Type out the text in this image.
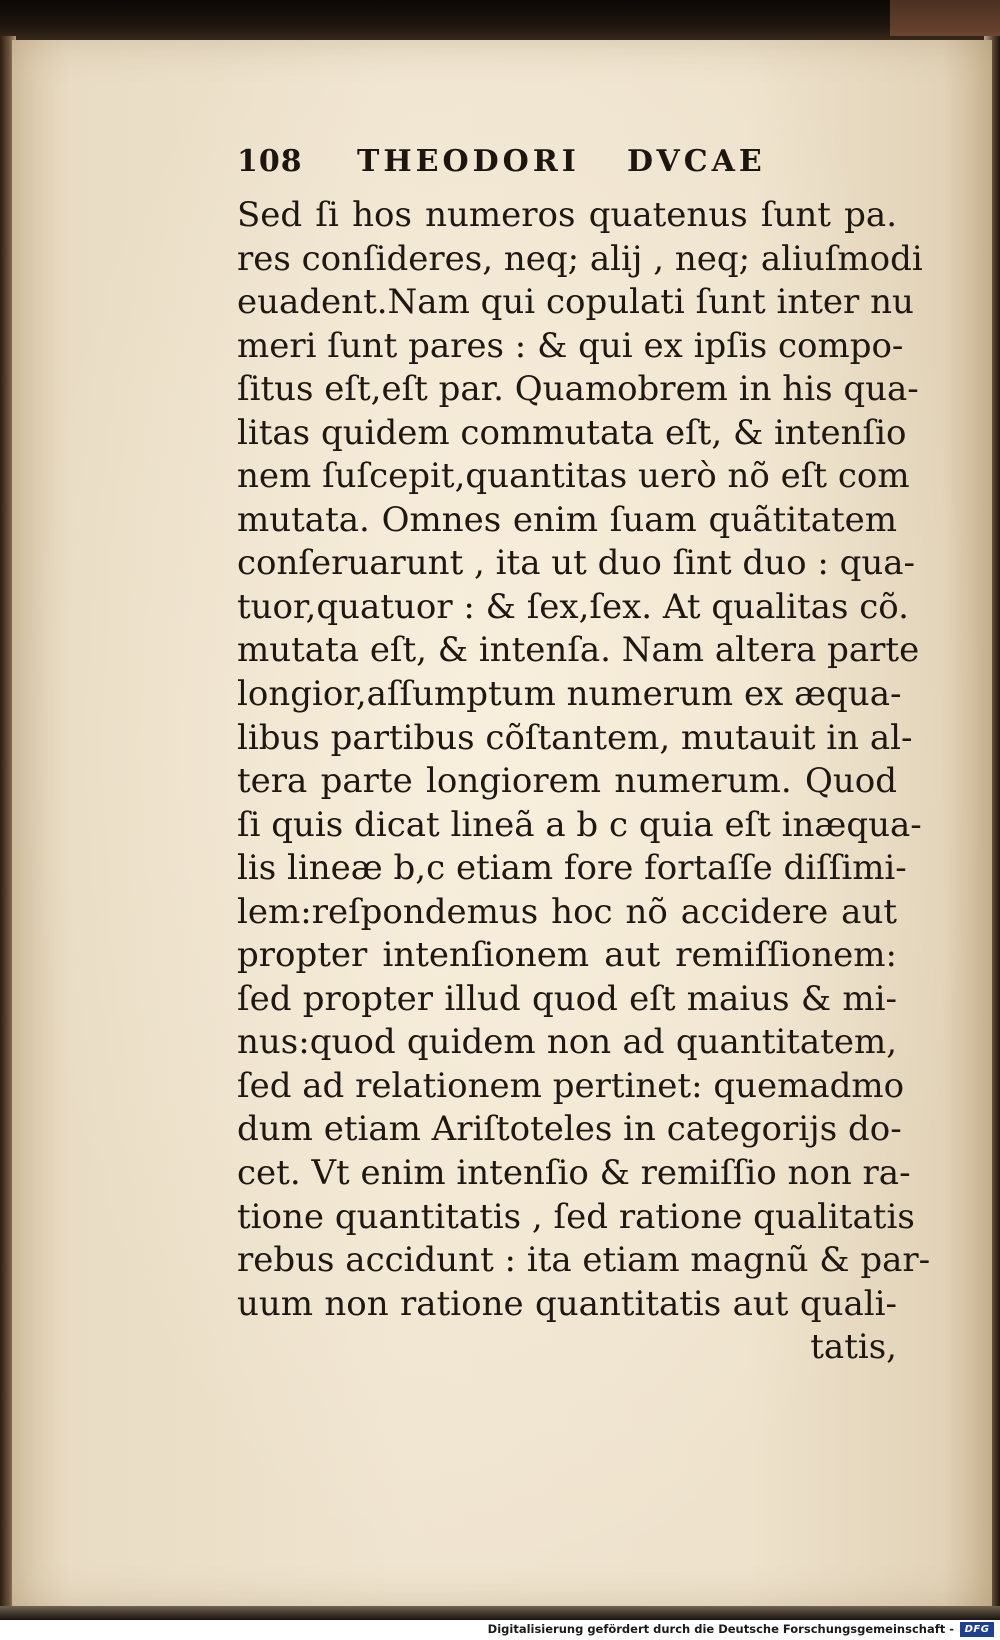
108	THEODORI	DVCAE
Sed ſi hos numeros quatenus ſunt pa.
res conſideres, neq; alij , neq; aliuſmodi
euadent.Nam qui copulati ſunt inter nu
meri ſunt pares : & qui ex ipſis compo-
ſitus eſt,eſt par. Quamobrem in his qua-
litas quidem commutata eſt, & intenſio
nem ſuſcepit,quantitas uerò nõ eſt com
mutata. Omnes enim ſuam quãtitatem
conſeruarunt , ita ut duo ſint duo : qua-
tuor,quatuor : & ſex,ſex. At qualitas cõ.
mutata eſt, & intenſa. Nam altera parte
longior,aſſumptum numerum ex æqua-
libus partibus cõſtantem, mutauit in al-
tera parte longiorem numerum. Quod
ſi quis dicat lineã a b c quia eſt inæqua-
lis lineæ b,c etiam fore fortaſſe diſſimi-
lem:reſpondemus hoc nõ accidere aut
propter intenſionem aut remiſſionem:
ſed propter illud quod eſt maius & mi-
nus:quod quidem non ad quantitatem,
ſed ad relationem pertinet: quemadmo
dum etiam Ariſtoteles in categorijs do-
cet. Vt enim intenſio & remiſſio non ra-
tione quantitatis , ſed ratione qualitatis
rebus accidunt : ita etiam magnũ & par-
uum non ratione quantitatis aut quali-
tatis,
Digitalisierung gefördert durch die Deutsche Forschungsgemeinschaft -	DFG
